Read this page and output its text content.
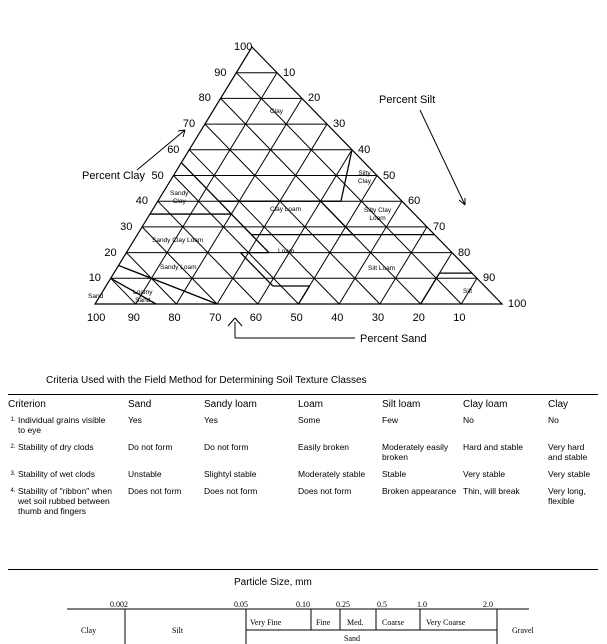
100
90
80
70
60
50
40
30
20
10
10
20
30
40
50
60
70
80
90
100
100 90	80	70	60	50	40	30	20	10
Clay
Silty
Clay
Sandy
Clay
Clay Loam	Silty Clay
Loam
Sandy Clay Loam
Loam
Sandy Loam	Silt Loam
Silt
Sand
Loamy
Sand
Percent Clay
Percent Silt
Percent Sand
Criteria Used with the Field Method for Determining Soil Texture Classes
Criterion	Sand	Sandy loam	Loam	Silt loam	Clay loam	Clay

1. Individual grains visible to eye	Yes	Yes	Some	Few	No	No

2. Stability of dry clods	Do not form	Do not form	Easily broken	Moderately easily broken	Hard and stable	Very hard and stable

3. Stability of wet clods	Unstable	Slightyl stable	Moderately stable	Stable	Very stable	Very stable

4. Stability of "ribbon" when wet soil rubbed between thumb and fingers	Does not form	Does not form	Does not form	Broken appearance	Thin, will break	Very long, flexible
Particle Size, mm
0.002	0.05	0.10	0.25	0.5	1.0	2.0
Clay	Silt
Very Fine	Fine Med. Coarse	Very Coarse
Sand
Gravel
